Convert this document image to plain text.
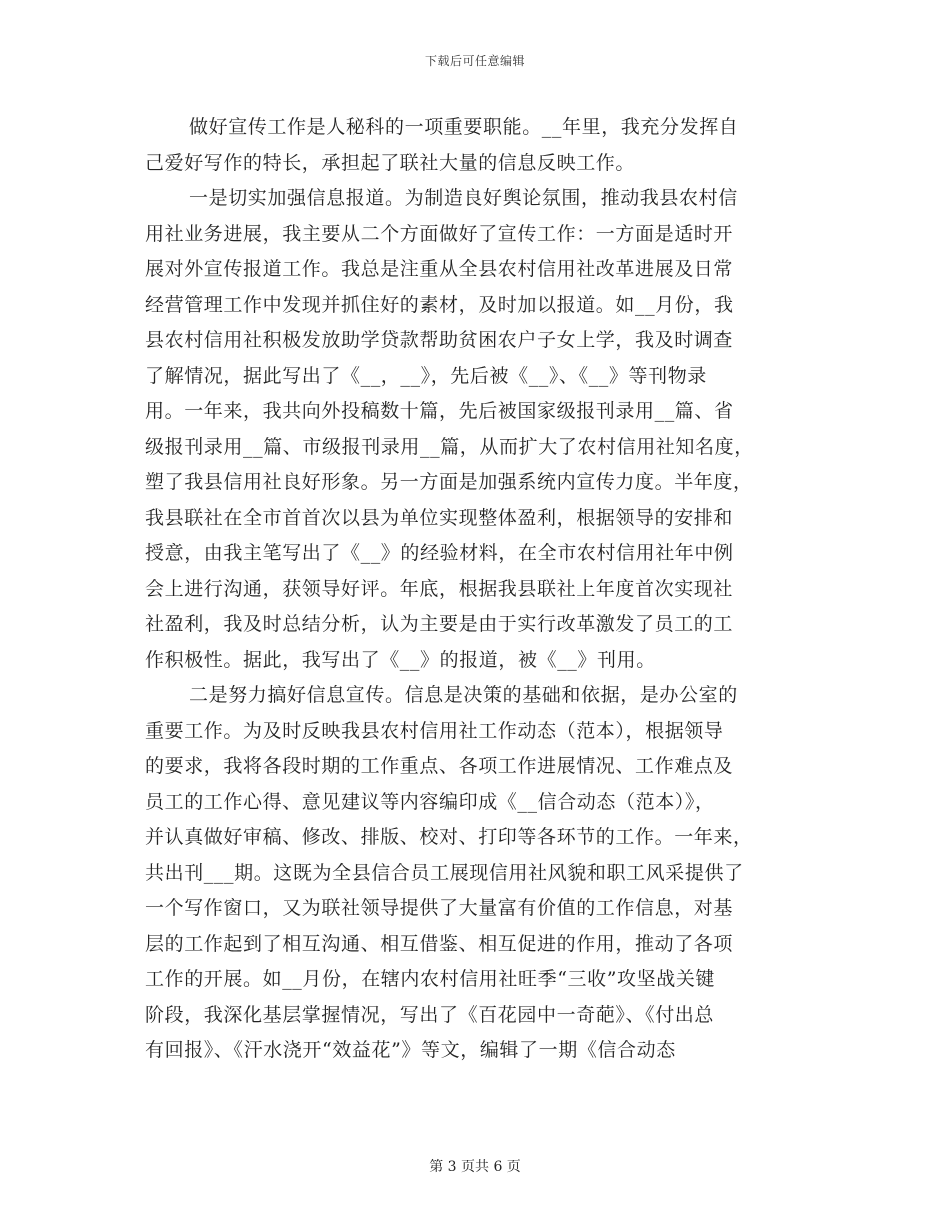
下载后可任意编辑
做好宣传工作是人秘科的一项重要职能。__年里，我充分发挥自
己爱好写作的特长，承担起了联社大量的信息反映工作。
一是切实加强信息报道。为制造良好舆论氛围，推动我县农村信
用社业务进展，我主要从二个方面做好了宣传工作：一方面是适时开
展对外宣传报道工作。我总是注重从全县农村信用社改革进展及日常
经营管理工作中发现并抓住好的素材，及时加以报道。如__月份，我
县农村信用社积极发放助学贷款帮助贫困农户子女上学，我及时调查
了解情况，据此写出了《__，__》，先后被《__》、《__》等刊物录
用。一年来，我共向外投稿数十篇，先后被国家级报刊录用__篇、省
级报刊录用__篇、市级报刊录用__篇，从而扩大了农村信用社知名度，
塑了我县信用社良好形象。另一方面是加强系统内宣传力度。半年度，
我县联社在全市首首次以县为单位实现整体盈利，根据领导的安排和
授意，由我主笔写出了《__》的经验材料，在全市农村信用社年中例
会上进行沟通，获领导好评。年底，根据我县联社上年度首次实现社
社盈利，我及时总结分析，认为主要是由于实行改革激发了员工的工
作积极性。据此，我写出了《__》的报道，被《__》刊用。
二是努力搞好信息宣传。信息是决策的基础和依据，是办公室的
重要工作。为及时反映我县农村信用社工作动态（范本），根据领导
的要求，我将各段时期的工作重点、各项工作进展情况、工作难点及
员工的工作心得、意见建议等内容编印成《__信合动态（范本）》，
并认真做好审稿、修改、排版、校对、打印等各环节的工作。一年来，
共出刊___期。这既为全县信合员工展现信用社风貌和职工风采提供了
一个写作窗口，又为联社领导提供了大量富有价值的工作信息，对基
层的工作起到了相互沟通、相互借鉴、相互促进的作用，推动了各项
工作的开展。如__月份，在辖内农村信用社旺季“三收”攻坚战关键
阶段，我深化基层掌握情况，写出了《百花园中一奇葩》、《付出总
有回报》、《汗水浇开“效益花”》等文，编辑了一期《信合动态
第 3 页共 6 页
